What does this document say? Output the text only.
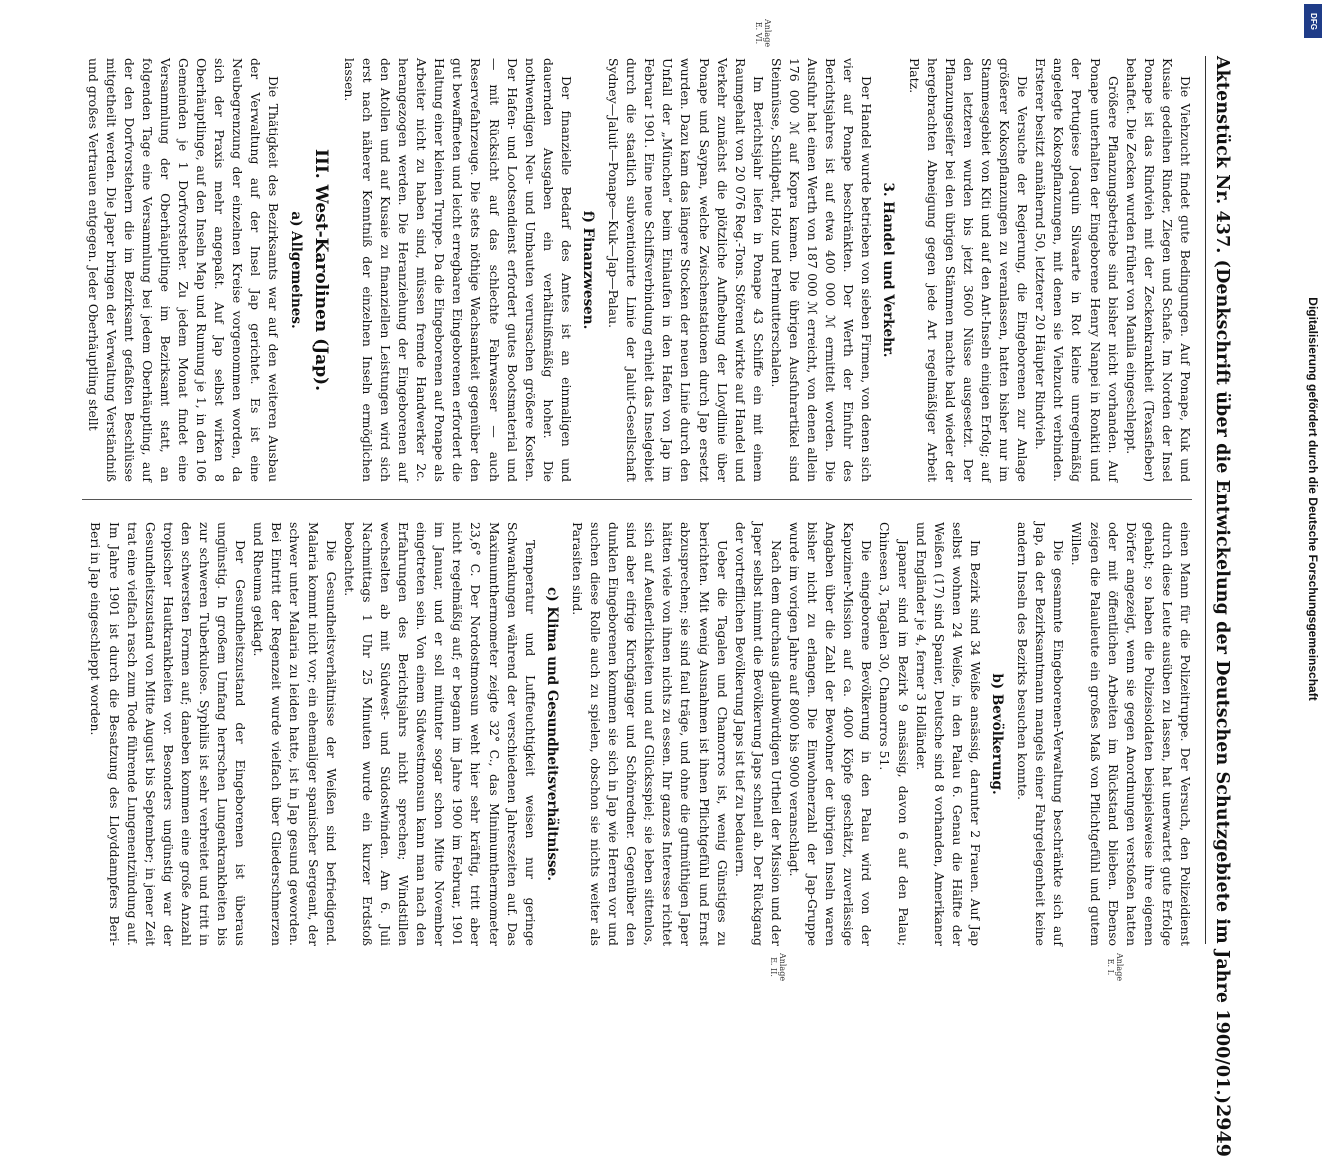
Aktenstück Nr. 437. (Denkschrift über die Entwickelung der Deutschen Schutzgebiete im Jahre 1900/01.)
2949
Anlage E. VI.
Anlage E. I.
Anlage E. II.

Die Viehzucht findet gute Bedingungen. Auf Ponape, Kuk und Kusaie gedeihen Rinder, Ziegen und Schafe. Im Norden der Insel Ponape ist das Rindvieh mit der Zeckenkrankheit (Texasfieber) behaftet. Die Zecken wurden früher von Manila eingeschleppt.

Größere Pflanzungsbetriebe sind bisher nicht vorhanden. Auf Ponape unterhalten der Eingeborene Henry Nanpei in Ronkiti und der Portugiese Joaquin Silvaarte in Rot kleine unregelmäßig angelegte Kokospflanzungen, mit denen sie Viehzucht verbinden. Ersterer besitzt annähernd 50, letzterer 20 Häupter Rindvieh.

Die Versuche der Regierung, die Eingeborenen zur Anlage größerer Kokospflanzungen zu veranlassen, hatten bisher nur im Stammesgebiet von Kiti und auf den Ant-Inseln einigen Erfolg; auf den letzteren wurden bis jetzt 3600 Nüsse ausgesetzt. Der Pflanzungseifer bei den übrigen Stämmen machte bald wieder der hergebrachten Abneigung gegen jede Art regelmäßiger Arbeit Platz.

3. Handel und Verkehr.

Der Handel wurde betrieben von sieben Firmen, von denen sich vier auf Ponape beschränkten. Der Werth der Einfuhr des Berichtsjahres ist auf etwa 400 000 ℳ ermittelt worden. Die Ausfuhr hat einen Werth von 187 000 ℳ erreicht, von denen allein 176 000 ℳ auf Kopra kamen. Die übrigen Ausfuhrartikel sind Steinnüsse, Schildpatt, Holz und Perlmutterschalen.

Im Berichtsjahr liefen in Ponape 43 Schiffe ein mit einem Raumgehalt von 20 076 Reg.-Tons. Störend wirkte auf Handel und Verkehr zunächst die plötzliche Aufhebung der Lloydlinie über Ponape und Saypan, welche Zwischenstationen durch Jap ersetzt wurden. Dazu kam das längere Stocken der neuen Linie durch den Unfall der „München“ beim Einlaufen in den Hafen von Jap im Februar 1901. Eine neue Schiffsverbindung erhielt das Inselgebiet durch die staatlich subventionirte Linie der Jaluit-Gesellschaft Sydney—Jaluit—Ponape—Kuk—Jap—Palau.

f) Finanzwesen.

Der finanzielle Bedarf des Amtes ist an einmaligen und dauernden Ausgaben ein verhältnißmäßig hoher. Die nothwendigen Neu- und Umbauten verursachen größere Kosten. Der Hafen- und Lootsendienst erfordert gutes Bootsmaterial und — mit Rücksicht auf das schlechte Fahrwasser — auch Reservefahrzeuge. Die stets nöthige Wachsamkeit gegenüber den gut bewaffneten und leicht erregbaren Eingeborenen erfordert die Haltung einer kleinen Truppe. Da die Eingeborenen auf Ponape als Arbeiter nicht zu haben sind, müssen fremde Handwerker 2c. herangezogen werden. Die Heranziehung der Eingeborenen auf den Atollen und auf Kusaie zu finanziellen Leistungen wird sich erst nach näherer Kenntniß der einzelnen Inseln ermöglichen lassen.

III. West-Karolinen (Jap).
a) Allgemeines.

Die Thätigkeit des Bezirksamts war auf den weiteren Ausbau der Verwaltung auf der Insel Jap gerichtet. Es ist eine Neubegrenzung der einzelnen Kreise vorgenommen worden, da sich der Praxis mehr angepaßt. Auf Jap selbst wirken 8 Oberhäuptlinge, auf den Inseln Map und Rumung je 1, in den 106 Gemeinden je 1 Dorfvorsteher. Zu jedem Monat findet eine Versammlung der Oberhäuptlinge im Bezirksamt statt, an folgenden Tage eine Versammlung bei jedem Oberhäuptling, auf der den Dorfvorstehern die im Bezirksamt gefaßten Beschlüsse mitgetheilt werden. Die Japer bringen der Verwaltung Verständniß und großes Vertrauen entgegen. Jeder Oberhäuptling stellt

einen Mann für die Polizeitruppe. Der Versuch, den Polizeidienst durch diese Leute ausüben zu lassen, hat unerwartet gute Erfolge gehabt; so haben die Polizeisoldaten beispielsweise ihre eigenen Dörfer angezeigt, wenn sie gegen Anordnungen verstoßen hatten oder mit öffentlichen Arbeiten im Rückstand blieben. Ebenso zeigen die Palauleute ein großes Maß von Pflichtgefühl und gutem Willen.

Die gesammte Eingeborenen-Verwaltung beschränkte sich auf Jap, da der Bezirksamtmann mangels einer Fahrgelegenheit keine andern Inseln des Bezirks besuchen konnte.

b) Bevölkerung.

Im Bezirk sind 34 Weiße ansässig, darunter 2 Frauen. Auf Jap selbst wohnen 24 Weiße, in den Palau 6. Genau die Hälfte der Weißen (17) sind Spanier, Deutsche sind 8 vorhanden, Amerikaner und Engländer je 4, ferner 3 Holländer.

Japaner sind im Bezirk 9 ansässig, davon 6 auf den Palau; Chinesen 3, Tagalen 30, Chamorros 51.

Die eingeborene Bevölkerung in den Palau wird von der Kapuziner-Mission auf ca. 4000 Köpfe geschätzt, zuverlässige Angaben über die Zahl der Bewohner der übrigen Inseln waren bisher nicht zu erlangen. Die Einwohnerzahl der Jap-Gruppe wurde im vorigen Jahre auf 8000 bis 9000 veranschlagt.

Nach dem durchaus glaubwürdigen Urtheil der Mission und der Japer selbst nimmt die Bevölkerung Japs schnell ab. Der Rückgang der vortrefflichen Bevölkerung Japs ist tief zu bedauern.

Ueber die Tagalen und Chamorros ist, wenig Günstiges zu berichten. Mit wenig Ausnahmen ist ihnen Pflichtgefühl und Ernst abzusprechen; sie sind faul träge, und ohne die gutmüthigen Japer hätten viele von ihnen nichts zu essen. Ihr ganzes Interesse richtet sich auf Aeußerlichkeiten und auf Glücksspiel; sie leben sittenlos, sind aber eifrige Kirchgänger und Schönredner. Gegenüber den dunklen Eingeborenen kommen sie sich in Jap wie Herren vor und suchen diese Rolle auch zu spielen, obschon sie nichts weiter als Parasiten sind.

c) Klima und Gesundheitsverhältnisse.

Temperatur und Luftfeuchtigkeit weisen nur geringe Schwankungen während der verschiedenen Jahreszeiten auf. Das Maximumthermometer zeigte 32° C., das Minimumthermometer 23,6° C. Der Nordostmonsun weht hier sehr kräftig, tritt aber nicht regelmäßig auf; er begann im Jahre 1900 im Februar, 1901 im Januar, und er soll mitunter sogar schon Mitte November eingetreten sein. Von einem Südwestmonsun kann man nach den Erfahrungen des Berichtsjahrs nicht sprechen; Windstillen wechselten ab mit Südwest- und Südostwinden. Am 6. Juli Nachmittags 1 Uhr 25 Minuten wurde ein kurzer Erdstoß beobachtet.

Die Gesundheitsverhältnisse der Weißen sind befriedigend. Malaria kommt nicht vor; ein ehemaliger spanischer Sergeant, der schwer unter Malaria zu leiden hatte, ist in Jap gesund geworden. Bei Eintritt der Regenzeit wurde vielfach über Gliederschmerzen und Rheuma geklagt.

Der Gesundheitszustand der Eingeborenen ist überaus ungünstig. In großem Umfang herrschen Lungenkrankheiten bis zur schweren Tuberkulose. Syphilis ist sehr verbreitet und tritt in den schwersten Formen auf; daneben kommen eine große Anzahl tropischer Hautkrankheiten vor. Besonders ungünstig war der Gesundheitszustand von Mitte August bis September; in jener Zeit trat eine vielfach rasch zum Tode führende Lungenentzündung auf. Im Jahre 1901 ist durch die Besatzung des Lloyddampfers Beri-Beri in Jap eingeschleppt worden.

DFG
Digitalisierung gefördert durch die Deutsche Forschungsgemeinschaft
